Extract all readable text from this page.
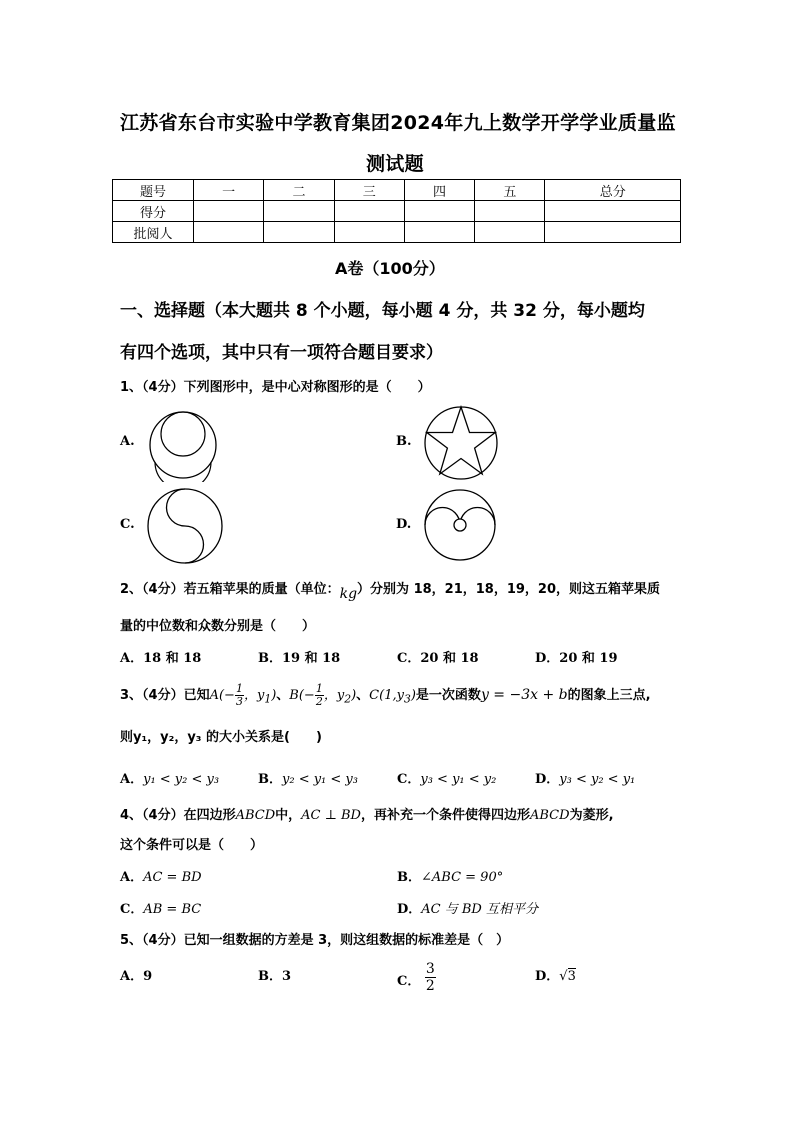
江苏省东台市实验中学教育集团2024年九上数学开学学业质量监
测试题
题号	一	二	三	四	五	总分
得分						
批阅人						
A卷（100分）
一、选择题（本大题共 8 个小题，每小题 4 分，共 32 分，每小题均
有四个选项，其中只有一项符合题目要求）
1、（4分）下列图形中，是中心对称图形的是（　　）
A.	B.
C.	D.
2、（4分）若五箱苹果的质量（单位：kg）分别为 18，21，18，19，20，则这五箱苹果质
量的中位数和众数分别是（　　）
A．18 和 18	B．19 和 18	C．20 和 18	D．20 和 19
3、（4分）已知$A(- \frac{1}{3}$ ，$y_1$)、$B(- \frac{1}{2}$ ，$y_2$)、$C(1,y_3)$是一次函数y = −3x + b的图象上三点,
则y₁，y₂，y₃ 的大小关系是(　　)
A．y₁ < y₂ < y₃	B．y₂ < y₁ < y₃	C．y₃ < y₁ < y₂	D．y₃ < y₂ < y₁
4、（4分）在四边形ABCD中，AC ⊥ BD，再补充一个条件使得四边形ABCD为菱形,
这个条件可以是（　　）
A．AC = BD	B．∠ABC = 90°
C．AB = BC	D．AC 与 BD 互相平分
5、（4分）已知一组数据的方差是 3，则这组数据的标准差是（　）
A．9	B．3	C． $\frac{3}{2}$	D．√3
